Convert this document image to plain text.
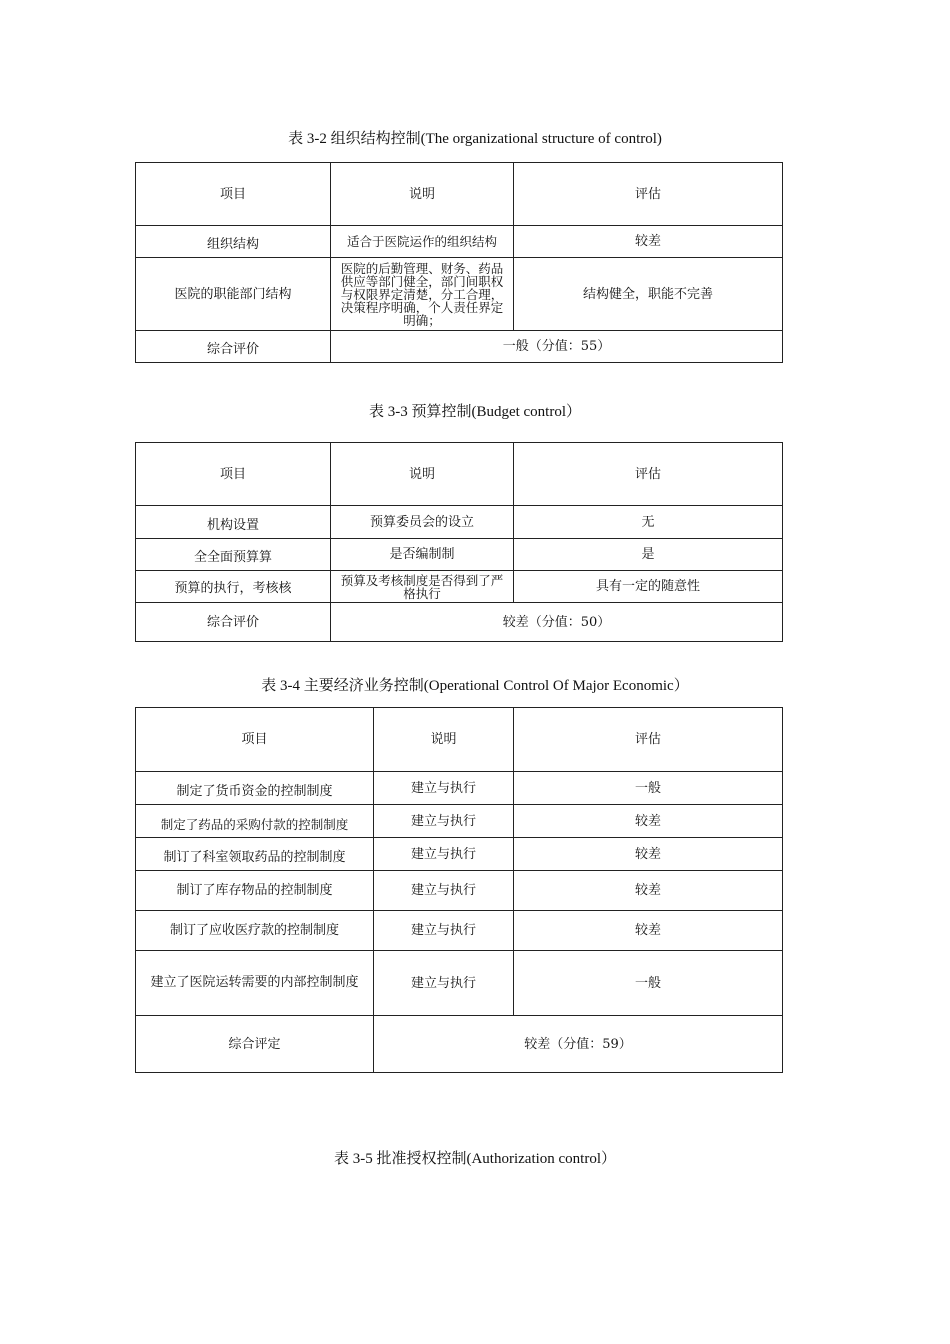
表 3-2 组织结构控制(The organizational structure of control)
项目	说明	评估
组织结构	适合于医院运作的组织结构	较差
医院的职能部门结构	医院的后勤管理、财务、药品供应等部门健全，部门间职权与权限界定清楚，分工合理，决策程序明确，个人责任界定明确；	结构健全，职能不完善
综合评价	一般（分值：55）	
表 3-3 预算控制(Budget control）
项目	说明	评估
机构设置	预算委员会的设立	无
全全面预算算	是否编制制	是
预算的执行，考核核	预算及考核制度是否得到了严格执行	具有一定的随意性
综合评价	较差（分值：50）	
表 3-4 主要经济业务控制(Operational Control Of Major Economic）
项目	说明	评估
制定了货币资金的控制制度	建立与执行	一般
制定了药品的采购付款的控制制度	建立与执行	较差
制订了科室领取药品的控制制度	建立与执行	较差
制订了库存物品的控制制度	建立与执行	较差
制订了应收医疗款的控制制度	建立与执行	较差
建立了医院运转需要的内部控制制度	建立与执行	一般
综合评定	较差（分值：59）	
表 3-5 批准授权控制(Authorization control）
